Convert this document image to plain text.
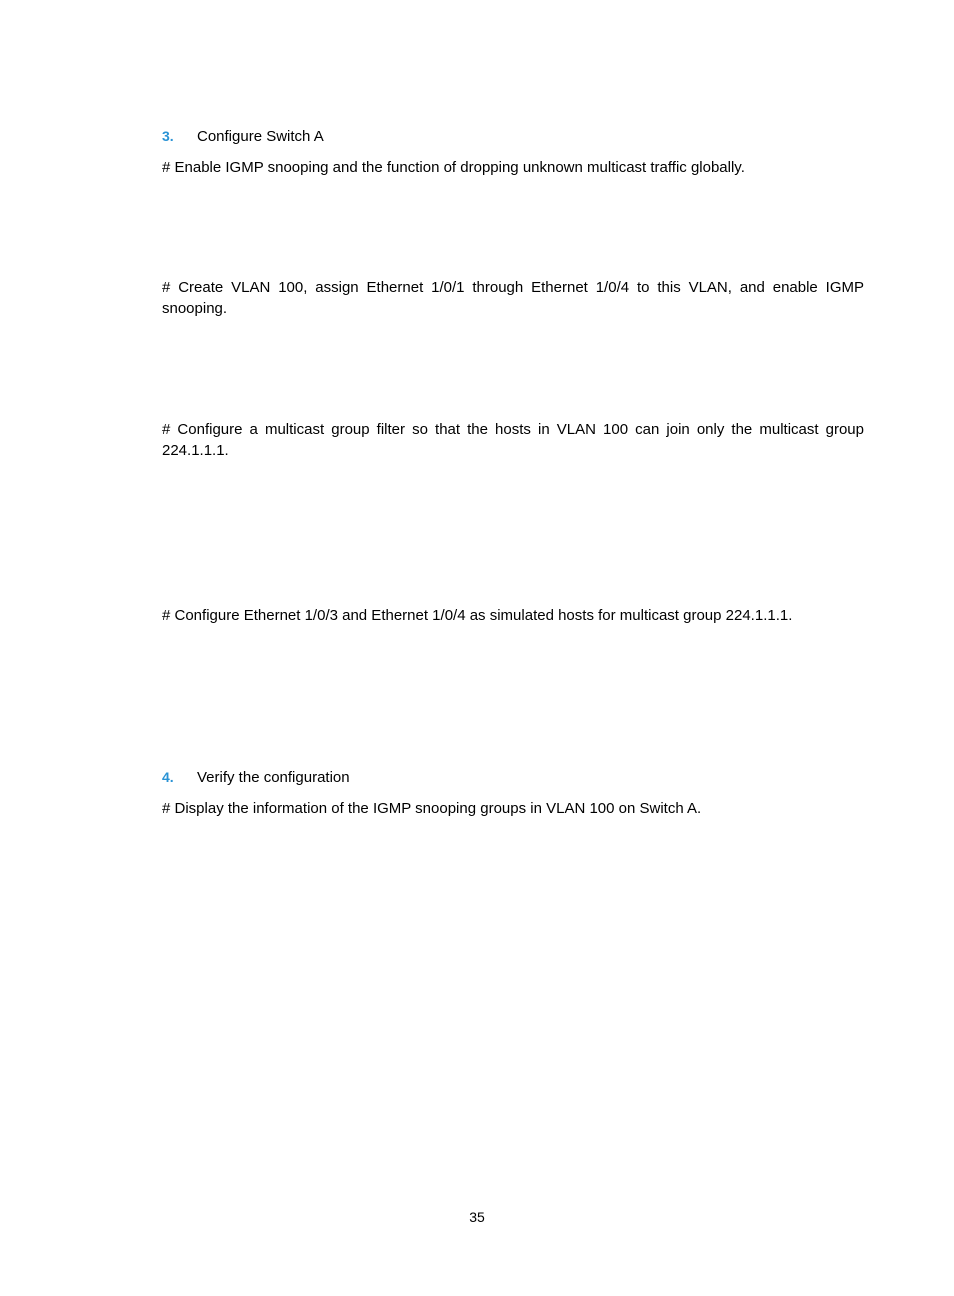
3. Configure Switch A

# Enable IGMP snooping and the function of dropping unknown multicast traffic globally.

# Create VLAN 100, assign Ethernet 1/0/1 through Ethernet 1/0/4 to this VLAN, and enable IGMP snooping.

# Configure a multicast group filter so that the hosts in VLAN 100 can join only the multicast group 224.1.1.1.

# Configure Ethernet 1/0/3 and Ethernet 1/0/4 as simulated hosts for multicast group 224.1.1.1.

4. Verify the configuration

# Display the information of the IGMP snooping groups in VLAN 100 on Switch A.

35
